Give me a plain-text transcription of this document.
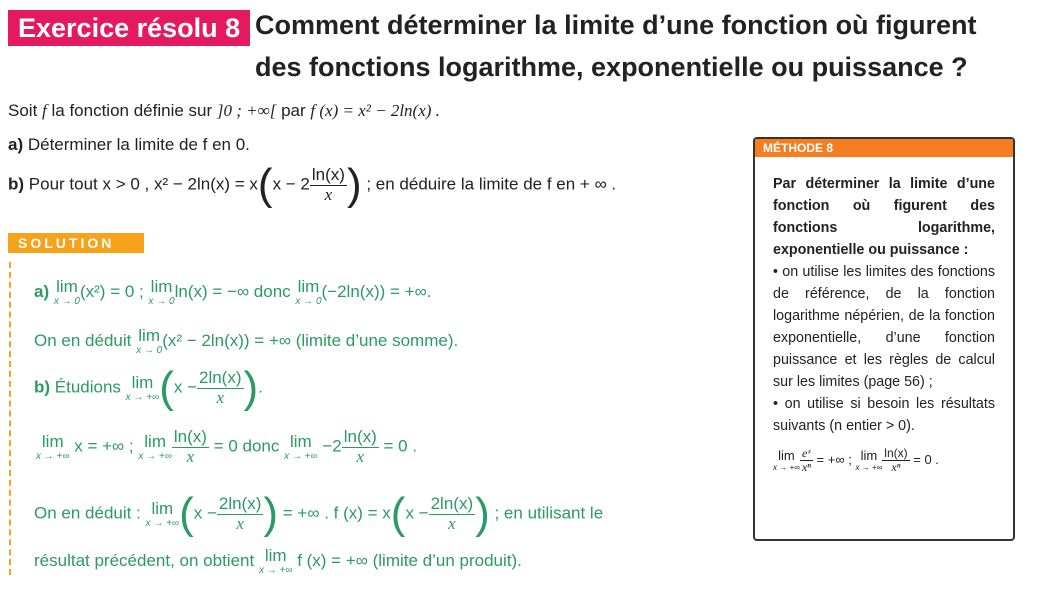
Exercice résolu 8 Comment déterminer la limite d’une fonction où figurent
des fonctions logarithme, exponentielle ou puissance ?
Soit f la fonction définie sur ]0 ; +∞[ par f (x) = x² − 2ln(x) .
a) Déterminer la limite de f en 0.
b) Pour tout x > 0 , $x^2 - 2\ln(x) = x(x - 2 \frac{\ln(x)}{x}$ ) ; en déduire la limite de f en + ∞ .
SOLUTION
a) lim
x → 0
(x²) = 0 ; lim
x → 0
ln(x) = −∞ donc lim
x → 0
(−2ln(x)) = +∞.
On en déduit lim
x → 0
(x² − 2ln(x)) = +∞ (limite d’une somme).
b) Étudions lim
x → +∞ ($x - \frac{2\ln(x)}{x}$ ).
lim
x → +∞
x = +∞ ; lim
x → +∞ $\frac{\ln(x)}{x} = 0$ donc lim
x → +∞
$-2 \frac{\ln(x)}{x} = 0$ .
On en déduit : lim
x → +∞ ($x - \frac{2\ln(x)}{x}$ ) = +∞ . f $(x) = x(x - \frac{2\ln(x)}{x}$ ) ; en utilisant le
résultat précédent, on obtient lim
x → +∞
f (x) = +∞ (limite d’un produit).
MÉTHODE 8
Par déterminer la limite d’une fonction où figurent des fonctions logarithme, exponentielle ou puissance :
• on utilise les limites des fonctions de référence, de la fonction logarithme népérien, de la fonction exponentielle, d’une fonction puissance et les règles de calcul sur les limites (page 56) ;
• on utilise si besoin les résultats suivants (n entier > 0).
lim
x → +∞ $\frac{\text{eˣ}}{\text{xⁿ}}$ = +∞ ; lim
x → +∞ $\frac{\ln(x)}{\text{xⁿ}} = 0$ .
